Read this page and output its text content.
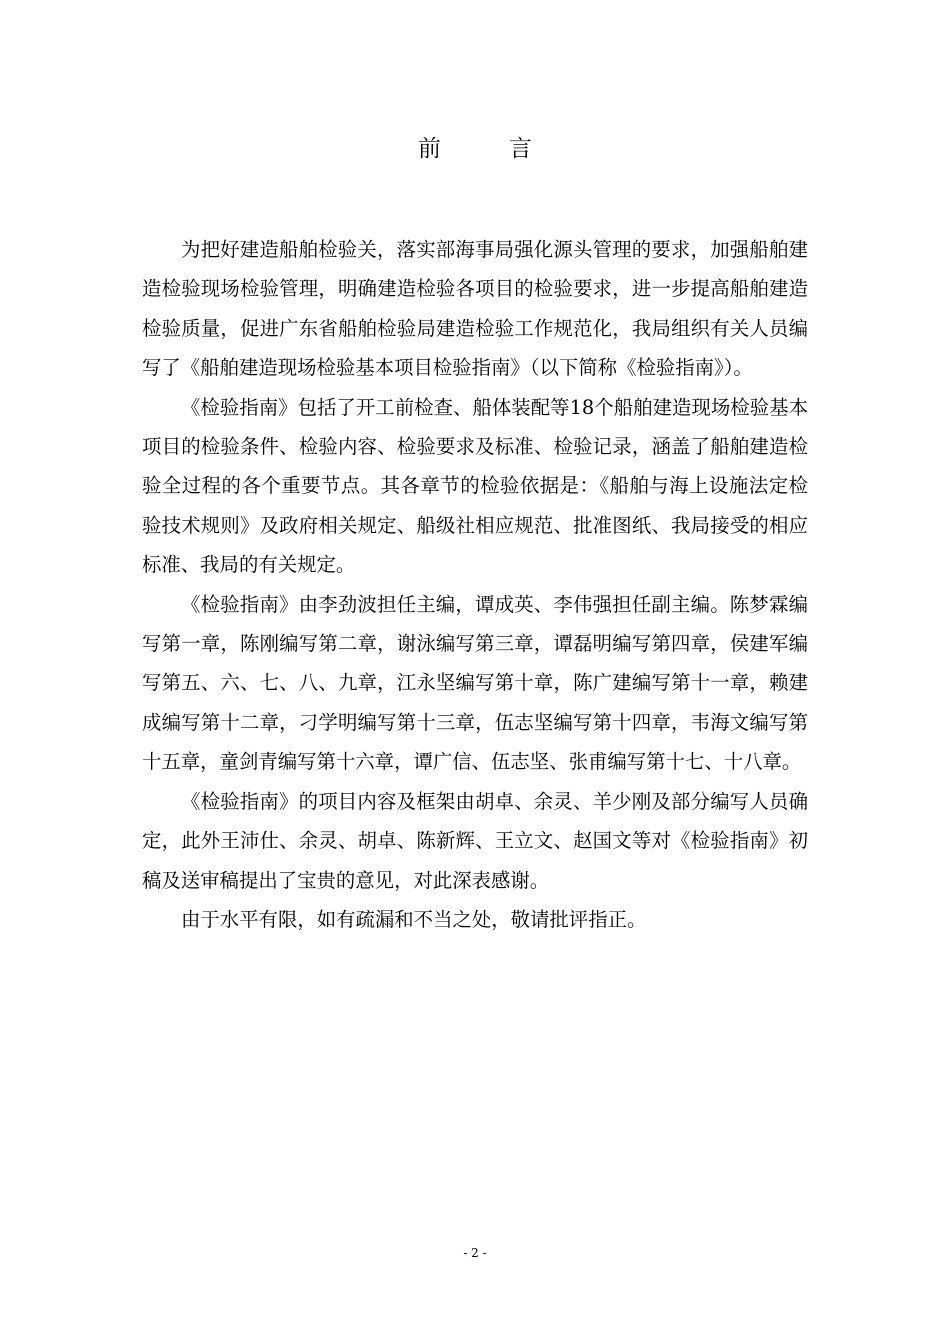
前言

为把好建造船舶检验关，落实部海事局强化源头管理的要求，加强船舶建造检验现场检验管理，明确建造检验各项目的检验要求，进一步提高船舶建造检验质量，促进广东省船舶检验局建造检验工作规范化，我局组织有关人员编写了《船舶建造现场检验基本项目检验指南》（以下简称《检验指南》）。

《检验指南》包括了开工前检查、船体装配等18个船舶建造现场检验基本项目的检验条件、检验内容、检验要求及标准、检验记录，涵盖了船舶建造检验全过程的各个重要节点。其各章节的检验依据是：《船舶与海上设施法定检验技术规则》及政府相关规定、船级社相应规范、批准图纸、我局接受的相应标准、我局的有关规定。

《检验指南》由李劲波担任主编，谭成英、李伟强担任副主编。陈梦霖编写第一章，陈刚编写第二章，谢泳编写第三章，谭磊明编写第四章，侯建军编写第五、六、七、八、九章，江永坚编写第十章，陈广建编写第十一章，赖建成编写第十二章，刁学明编写第十三章，伍志坚编写第十四章，韦海文编写第十五章，童剑青编写第十六章，谭广信、伍志坚、张甫编写第十七、十八章。

《检验指南》的项目内容及框架由胡卓、余灵、羊少刚及部分编写人员确定，此外王沛仕、余灵、胡卓、陈新辉、王立文、赵国文等对《检验指南》初稿及送审稿提出了宝贵的意见，对此深表感谢。

由于水平有限，如有疏漏和不当之处，敬请批评指正。

- 2 -
